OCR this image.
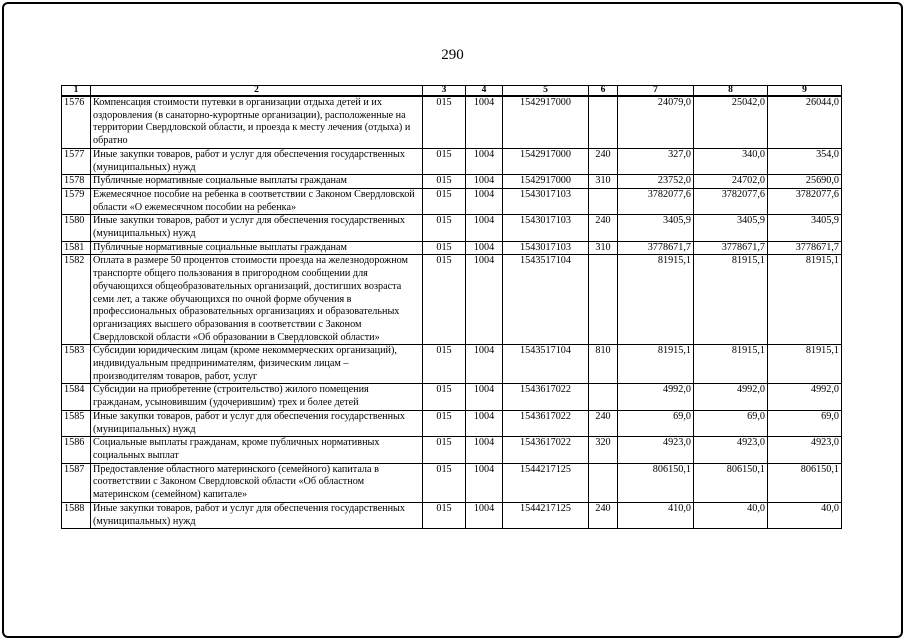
290
1	2	3	4	5	6	7	8	9
1576	Компенсация стоимости путевки в организации отдыха детей и их оздоровления (в санаторно-курортные организации), расположенные на территории Свердловской области, и проезда к месту лечения (отдыха) и обратно	015	1004	1542917000		24079,0	25042,0	26044,0
1577	Иные закупки товаров, работ и услуг для обеспечения государственных (муниципальных) нужд	015	1004	1542917000	240	327,0	340,0	354,0
1578	Публичные нормативные социальные выплаты гражданам	015	1004	1542917000	310	23752,0	24702,0	25690,0
1579	Ежемесячное пособие на ребенка в соответствии с Законом Свердловской области «О ежемесячном пособии на ребенка»	015	1004	1543017103		3782077,6	3782077,6	3782077,6
1580	Иные закупки товаров, работ и услуг для обеспечения государственных (муниципальных) нужд	015	1004	1543017103	240	3405,9	3405,9	3405,9
1581	Публичные нормативные социальные выплаты гражданам	015	1004	1543017103	310	3778671,7	3778671,7	3778671,7
1582	Оплата в размере 50 процентов стоимости проезда на железнодорожном транспорте общего пользования в пригородном сообщении для обучающихся общеобразовательных организаций, достигших возраста семи лет, а также обучающихся по очной форме обучения в профессиональных образовательных организациях и образовательных организациях высшего образования в соответствии с Законом Свердловской области «Об образовании в Свердловской области»	015	1004	1543517104		81915,1	81915,1	81915,1
1583	Субсидии юридическим лицам (кроме некоммерческих организаций), индивидуальным предпринимателям, физическим лицам – производителям товаров, работ, услуг	015	1004	1543517104	810	81915,1	81915,1	81915,1
1584	Субсидии на приобретение (строительство) жилого помещения гражданам, усыновившим (удочерившим) трех и более детей	015	1004	1543617022		4992,0	4992,0	4992,0
1585	Иные закупки товаров, работ и услуг для обеспечения государственных (муниципальных) нужд	015	1004	1543617022	240	69,0	69,0	69,0
1586	Социальные выплаты гражданам, кроме публичных нормативных социальных выплат	015	1004	1543617022	320	4923,0	4923,0	4923,0
1587	Предоставление областного материнского (семейного) капитала в соответствии с Законом Свердловской области «Об областном материнском (семейном) капитале»	015	1004	1544217125		806150,1	806150,1	806150,1
1588	Иные закупки товаров, работ и услуг для обеспечения государственных (муниципальных) нужд	015	1004	1544217125	240	410,0	40,0	40,0
